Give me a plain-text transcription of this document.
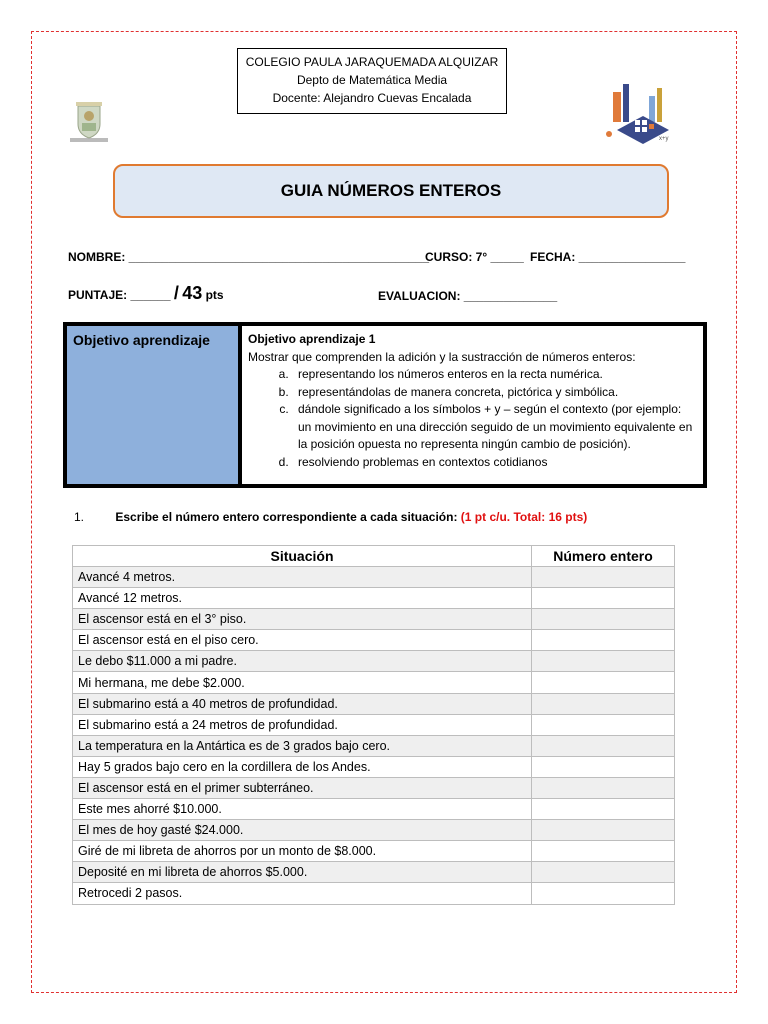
COLEGIO PAULA JARAQUEMADA ALQUIZAR
Depto de Matemática Media
Docente: Alejandro Cuevas Encalada
x+y
GUIA NÚMEROS ENTEROS
NOMBRE: _____________________________________________
CURSO: 7° _____ FECHA: ________________
PUNTAJE: ______ / 43 pts	EVALUACION: ______________
Objetivo aprendizaje	Objetivo aprendizaje 1
Mostrar que comprenden la adición y la sustracción de números enteros:
a. representando los números enteros en la recta numérica.
b. representándolas de manera concreta, pictórica y simbólica.
c. dándole significado a los símbolos + y – según el contexto (por ejemplo: un movimiento en una dirección seguido de un movimiento equivalente en la posición opuesta no representa ningún cambio de posición).
d. resolviendo problemas en contextos cotidianos
1.	Escribe el número entero correspondiente a cada situación: (1 pt c/u. Total: 16 pts)
Situación	Número entero
Avancé 4 metros.	
Avancé 12 metros.	
El ascensor está en el 3° piso.	
El ascensor está en el piso cero.	
Le debo $11.000 a mi padre.	
Mi hermana, me debe $2.000.	
El submarino está a 40 metros de profundidad.	
El submarino está a 24 metros de profundidad.	
La temperatura en la Antártica es de 3 grados bajo cero.	
Hay 5 grados bajo cero en la cordillera de los Andes.	
El ascensor está en el primer subterráneo.	
Este mes ahorré $10.000.	
El mes de hoy gasté $24.000.	
Giré de mi libreta de ahorros por un monto de $8.000.	
Deposité en mi libreta de ahorros $5.000.	
Retrocedi 2 pasos.	
